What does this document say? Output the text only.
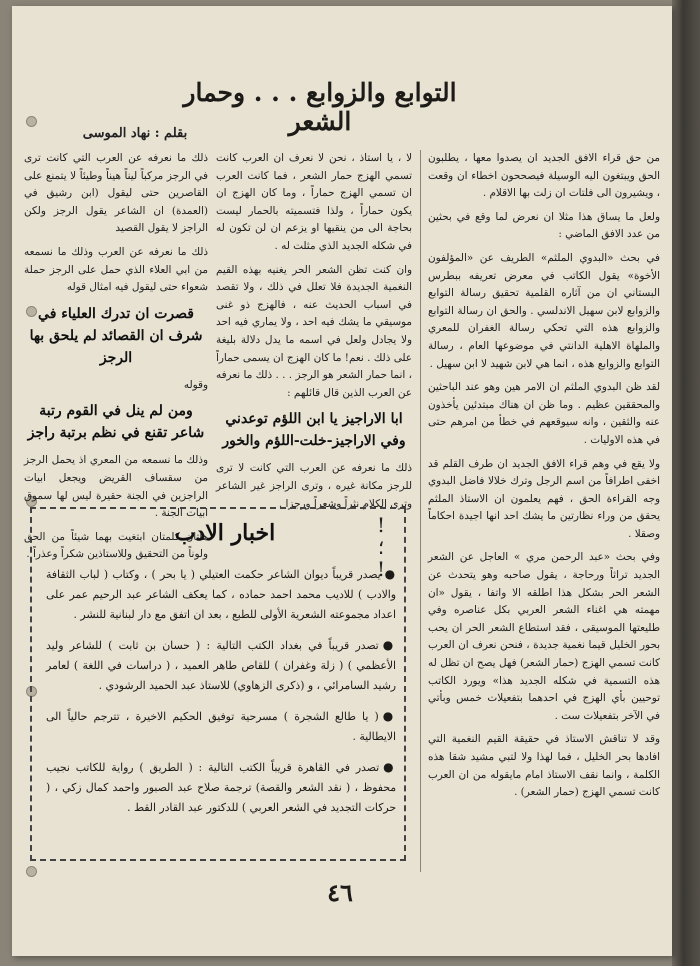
التوابع والزوابع . . . وحمار الشعر
بقلم : نهاد الموسى

من حق قراء الافق الجديد ان يصدوا معها ، يطلبون الحق ويبتغون اليه الوسيلة فيصححون اخطاء ان وقعت ، ويشيرون الى فلتات ان زلت بها الاقلام .

ولعل ما يساق هذا مثلا ان نعرض لما وقع في بحثين من عدد الافق الماضي :

في بحث «البدوي الملثم» الطريف عن «المؤلفون الأخوة» يقول الكاتب في معرض تعريفه ببطرس البستاني ان من آثاره القلمية تحقيق رسالة التوابع والزوابع لابن سهيل الاندلسي . والحق ان رسالة التوابع والزوابع هذه التي تحكي رسالة الغفران للمعري والملهاة الاهلية الدانتي في موضوعها العام ، رسالة التوابع والزوابع هذه ، انما هي لابن شهيد لا ابن سهيل .

لقد ظن البدوي الملثم ان الامر هين وهو عند الباحثين والمحققين عظيم . وما ظن ان هناك مبتدئين يأخذون عنه والثقين ، وانه سيوقعهم في خطأ من امرهم حتى في هذه الاوليات .

ولا يقع في وهم قراء الافق الجديد ان طرف القلم قد اخفى اطرافاً من اسم الرجل وترك خلالا فاضل البدوي وجه القراءة الحق ، فهم يعلمون ان الاستاذ الملثم يحقق من وراء نظارتين ما يشك احد انها اجيدة احكاماً وصقلا .

وفي بحث «عبد الرحمن مري » العاجل عن الشعر الجديد تراثاً ورحاجة ، يقول صاحبه وهو يتحدث عن الشعر الحر بشكل هذا اطلقه الا واتفا ، يقول «ان مهمته هي اغناء الشعر العربي بكل عناصره وفي طليعتها الموسيقى ، فقد استطاع الشعر الحر ان يحب بحور الخليل قيما نغمية جديدة ، فنحن نعرف ان العرب كانت تسمي الهزج (حمار الشعر) فهل يصح ان تظل له هذه التسمية في شكله الجديد هذا» ويورد الكاتب توحيين بأي الهزج في احدهما بتفعيلات خمس وبأتي في الآخر بتفعيلات ست .

وقد لا تناقش الاستاذ في حقيقة القيم النغمية التي افادها بحر الخليل ، فما لهذا ولا لتبي مشيد شقا هذه الكلمة ، وانما نقف الاستاذ امام مايقوله من ان العرب كانت تسمي الهزج (حمار الشعر) .

لا ، يا استاذ ، نحن لا نعرف ان العرب كانت تسمي الهزج حمار الشعر ، فما كانت العرب ان تسمي الهزج حماراً ، وما كان الهزج ان يكون حماراً ، ولذا فتسميته بالحمار ليست بحاجة الى من ينقيها او يزعم ان لن تكون له في شكله الجديد الذي مثلت له .

وان كنت تظن الشعر الحر يغنيه بهذه القيم النغمية الجديدة فلا تعلل في ذلك ، ولا تقصد في اسباب الحديث عنه ، فالهزج ذو غنى موسيقي ما يشك فيه احد ، ولا يماري فيه احد ولا يجادل ولعل في اسمه ما يدل دلالة بليغة على ذلك . نعم! ما كان الهزج ان يسمى حماراً ، انما حمار الشعر هو الرجز . . . ذلك ما نعرفه عن العرب الذين قال قائلهم :

ابا الاراجيز يا ابن اللؤم توعدني وفي الاراجيز-خلت-اللؤم والخور

ذلك ما نعرفه عن العرب التي كانت لا ترى للرجز مكانة غيره ، وترى الراجز غير الشاعر وترى الكلام نثراً وشعراً ورجزا .

ذلك ما نعرفه عن العرب التي كانت ترى في الرجز مركباً ليناً هيناً وطيئاً لا يتمنع على القاصرين حتى ليقول (ابن رشيق في (العمدة) ان الشاعر يقول الرجز ولكن الراجز لا يقول القصيد

ذلك ما نعرفه عن العرب وذلك ما نسمعه من ابي العلاء الذي حمل على الرجز حملة شعواء حتى ليقول فيه امثال قوله

قصرت ان تدرك العلياء في شرف ان القصائد لم يلحق بها الرجز

وقوله

ومن لم ينل في القوم رتبة شاعر تقنع في نظم برتبة راجز

وذلك ما نسمعه من المعري اذ يحمل الرجز من سقساف القريض ويجعل ابيات الراجزين في الجنة حقيرة ليس لها سموق ابيات الجنة .

هاتان كلمتان ابتغيت بهما شيئاً من الحق ولوناً من التحقيق وللاستاذين شكراً وعذراً .

!
؛
!
اخبار الادب

●يصدر قريباً ديوان الشاعر حكمت العتيلي ( يا بحر ) ، وكتاب ( لباب الثقافة والادب ) للاديب محمد احمد حماده ، كما يعكف الشاعر عبد الرحيم عمر على اعداد مجموعته الشعرية الأولى للطبع ، بعد ان اتفق مع دار لبنانية للنشر .

●تصدر قريباً في بغداد الكتب التالية : ( حسان بن ثابت ) للشاعر وليد الأعظمي ) ( زلة وغفران ) للقاص طاهر العميد ، ( دراسات في اللغة ) لعامر رشيد السامرائي ، و (ذكرى الزهاوي) للاستاذ عبد الحميد الرشودي .

●( يا طالع الشجرة ) مسرحية توفيق الحكيم الاخيرة ، تترجم حالياً الى الايطالية .

●تصدر في القاهرة قريباً الكتب التالية : ( الطريق ) رواية للكاتب نجيب محفوظ ، ( نقد الشعر والقصة) ترجمة صلاح عبد الصبور واحمد كمال زكي ، ( حركات التجديد في الشعر العربي ) للدكتور عبد القادر القط .

٤٦
